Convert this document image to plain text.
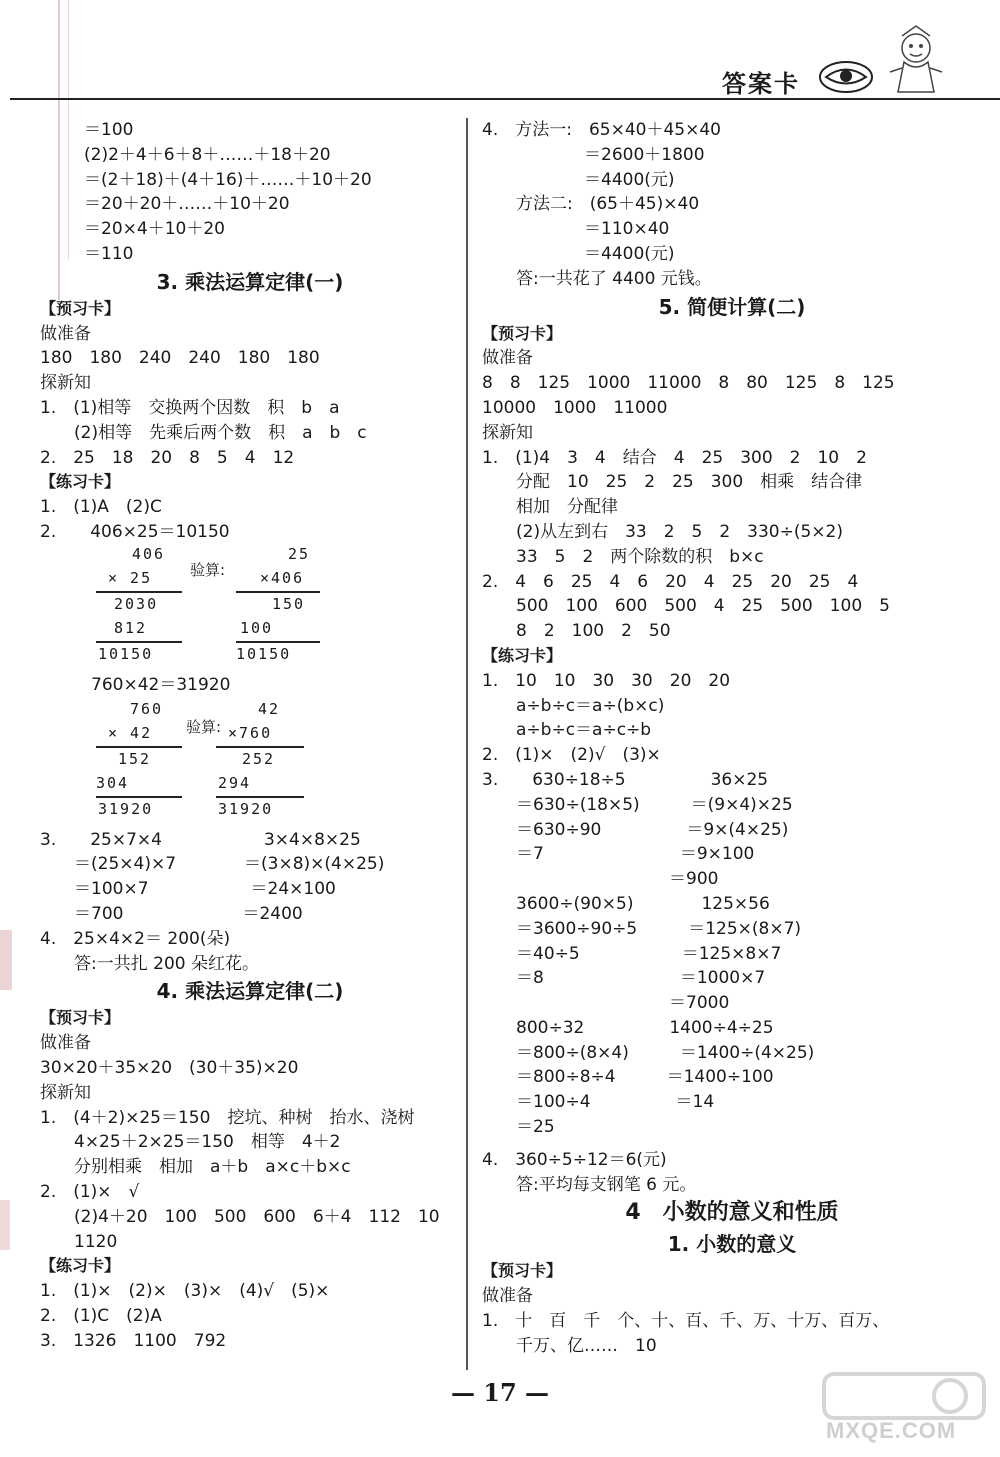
答案卡
＝100
(2)2＋4＋6＋8＋……＋18＋20
＝(2＋18)＋(4＋16)＋……＋10＋20
＝20＋20＋……＋10＋20
＝20×4＋10＋20
＝110
3. 乘法运算定律(一)
【预习卡】
做准备
180　180　240　240　180　180
探新知
1.　(1)相等　交换两个因数　积　b　a
　　(2)相等　先乘后两个数　积　a　b　c
2.　25　18　20　8　5　4　12
【练习卡】
1.　(1)A　(2)C
2.　　406×25＝10150
406
× 25
2030
812
10150
验算:
25
×406
150
100
10150
　　　760×42＝31920
760
× 42
152
304
31920
验算:
42
×760
252
294
31920
3.　　25×7×4　　　　　　3×4×8×25
　　＝(25×4)×7　　　　＝(3×8)×(4×25)
　　＝100×7　　　　　　＝24×100
　　＝700　　　　　　　＝2400
4.　25×4×2＝ 200(朵)
　　答:一共扎 200 朵红花。
4. 乘法运算定律(二)
【预习卡】
做准备
30×20＋35×20　(30＋35)×20
探新知
1.　(4＋2)×25＝150　挖坑、种树　抬水、浇树
　　4×25＋2×25＝150　相等　4＋2
　　分别相乘　相加　a＋b　a×c＋b×c
2.　(1)×　√
　　(2)4＋20　100　500　600　6＋4　112　10
　　1120
【练习卡】
1.　(1)×　(2)×　(3)×　(4)√　(5)×
2.　(1)C　(2)A
3.　1326　1100　792
4.　方法一:　65×40＋45×40
　　　　　　＝2600＋1800
　　　　　　＝4400(元)
　　方法二:　(65＋45)×40
　　　　　　＝110×40
　　　　　　＝4400(元)
　　答:一共花了 4400 元钱。
5. 简便计算(二)
【预习卡】
做准备
8　8　125　1000　11000　8　80　125　8　125
10000　1000　11000
探新知
1.　(1)4　3　4　结合　4　25　300　2　10　2
　　分配　10　25　2　25　300　相乘　结合律
　　相加　分配律
　　(2)从左到右　33　2　5　2　330÷(5×2)
　　33　5　2　两个除数的积　b×c
2.　4　6　25　4　6　20　4　25　20　25　4
　　500　100　600　500　4　25　500　100　5
　　8　2　100　2　50
【练习卡】
1.　10　10　30　30　20　20
　　a÷b÷c＝a÷(b×c)
　　a÷b÷c＝a÷c÷b
2.　(1)×　(2)√　(3)×
3.　　630÷18÷5　　　　　36×25
　　＝630÷(18×5)　　　＝(9×4)×25
　　＝630÷90　　　　　＝9×(4×25)
　　＝7　　　　　　　　＝9×100
　　　　　　　　　　　＝900
　　3600÷(90×5)　　　　125×56
　　＝3600÷90÷5　　　＝125×(8×7)
　　＝40÷5　　　　　　＝125×8×7
　　＝8　　　　　　　　＝1000×7
　　　　　　　　　　　＝7000
　　800÷32　　　　　1400÷4÷25
　　＝800÷(8×4)　　　＝1400÷(4×25)
　　＝800÷8÷4　　　＝1400÷100
　　＝100÷4　　　　　＝14
　　＝25
4.　360÷5÷12＝6(元)
　　答:平均每支钢笔 6 元。
4　小数的意义和性质
1. 小数的意义
【预习卡】
做准备
1.　十　百　千　个、十、百、千、万、十万、百万、
　　千万、亿……　10
— 17 —
MXQE.COM
